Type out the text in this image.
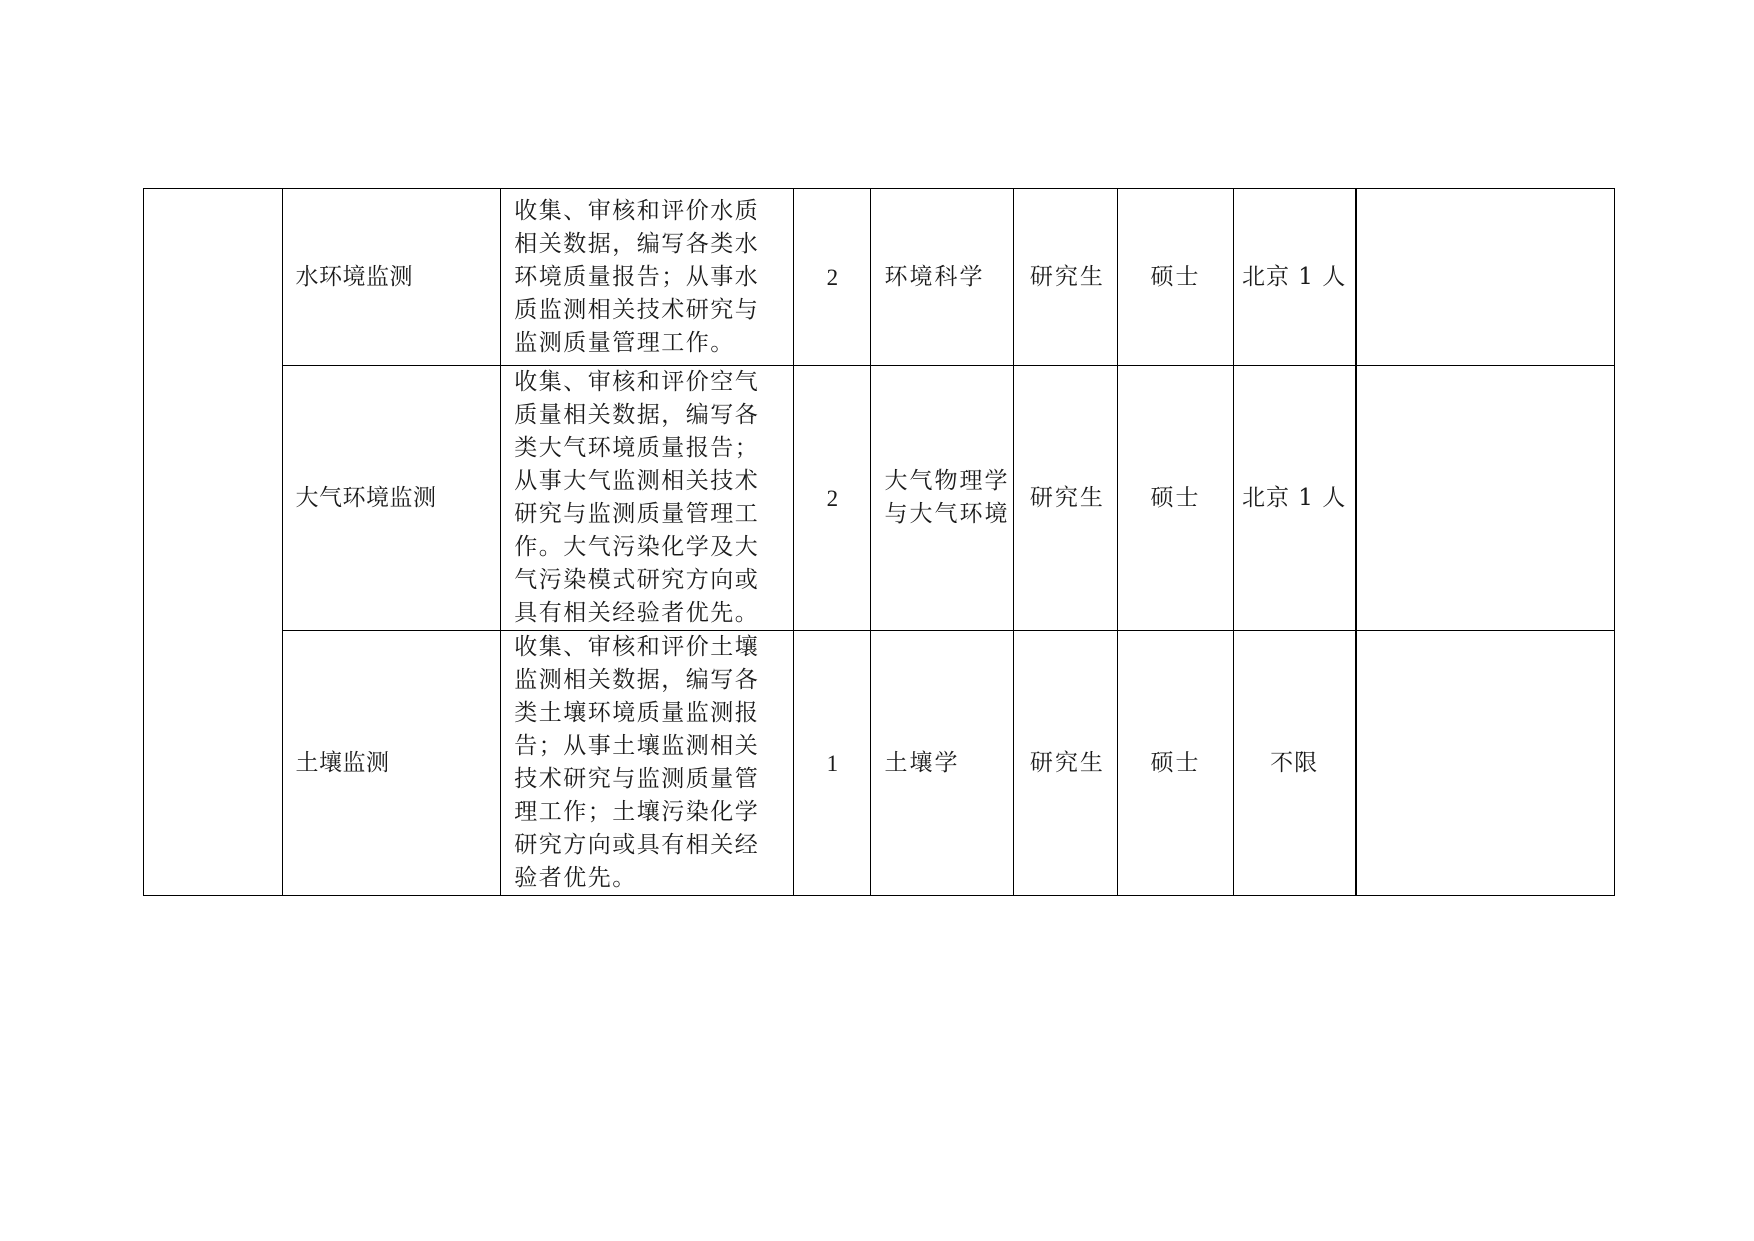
	水环境监测	收集、审核和评价水质相关数据，编写各类水环境质量报告；从事水质监测相关技术研究与监测质量管理工作。	2	环境科学	研究生	硕士	北京 1 人	
	大气环境监测	收集、审核和评价空气质量相关数据，编写各类大气环境质量报告；从事大气监测相关技术研究与监测质量管理工作。大气污染化学及大气污染模式研究方向或具有相关经验者优先。	2	大气物理学与大气环境	研究生	硕士	北京 1 人	
	土壤监测	收集、审核和评价土壤监测相关数据，编写各类土壤环境质量监测报告；从事土壤监测相关技术研究与监测质量管理工作；土壤污染化学研究方向或具有相关经验者优先。	1	土壤学	研究生	硕士	不限	
